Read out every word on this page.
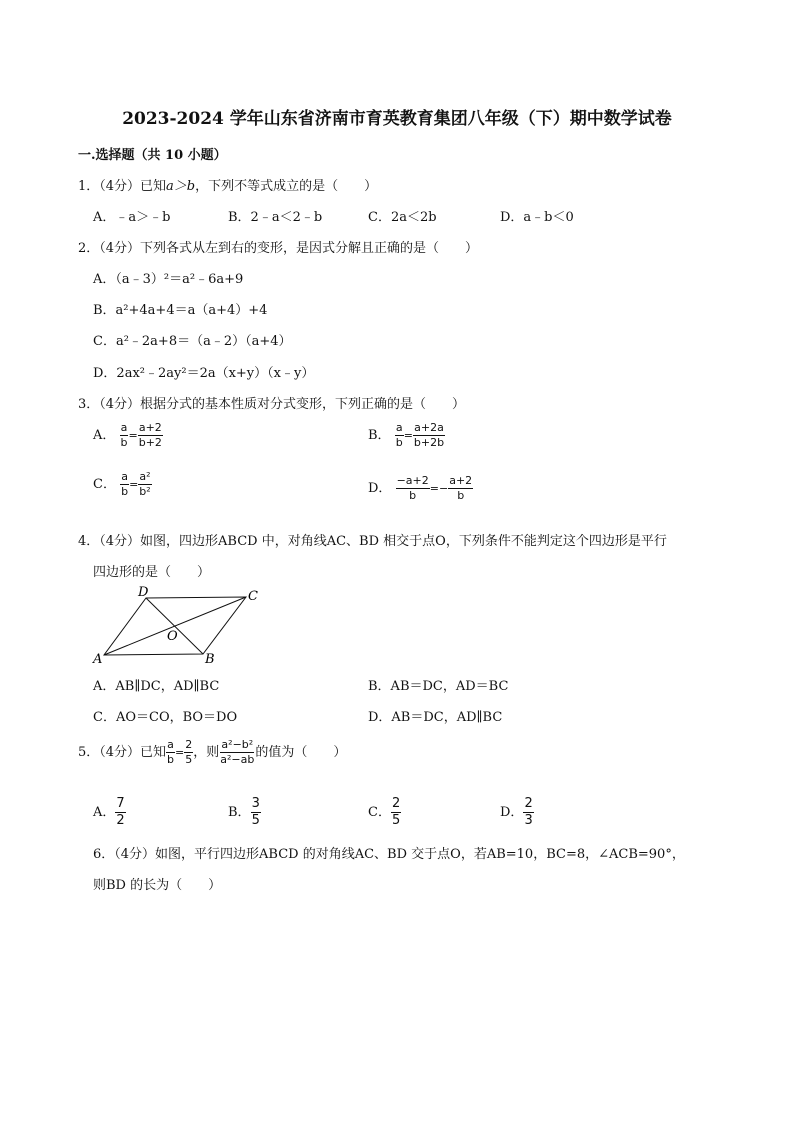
2023-2024 学年山东省济南市育英教育集团八年级（下）期中数学试卷
一.选择题（共 10 小题）
1．（4分）已知a＞b，下列不等式成立的是（　　）
A．﹣a＞﹣b	B．2﹣a＜2﹣b	C．2a＜2b	D．a﹣b＜0
2．（4分）下列各式从左到右的变形，是因式分解且正确的是（　　）
A．（a﹣3）²＝a²﹣6a+9
B．a²+4a+4＝a（a+4）+4
C．a²﹣2a+8＝（a﹣2）（a+4）
D．2ax²﹣2ay²＝2a（x+y）（x﹣y）
3．（4分）根据分式的基本性质对分式变形，下列正确的是（　　）
A． $\frac{a}{b} = \frac{a+2}{b+2}$	B． $\frac{a}{b} = \frac{a+2a}{b+2b}$
C． $\frac{a}{b} = \frac{\text{a²}}{\text{b²}}$	D． $\frac{-a+2}{b} =- \frac{a+2}{b}$
4．（4分）如图，四边形ABCD 中，对角线AC、BD 相交于点O，下列条件不能判定这个四边形是平行
四边形的是（　　）
A	B
C
D
O
A．AB∥DC，AD∥BC	B．AB＝DC，AD＝BC
C．AO＝CO，BO＝DO	D．AB＝DC，AD∥BC
5．（4分）已知 $\frac{a}{b} = \frac{2}{5}$ ，则 $\frac{\text{a²−b²}}{\text{a²−ab}}$ 的值为（　　）
A． $\frac{7}{2}$	B． $\frac{3}{5}$	C． $\frac{2}{5}$	D． $\frac{2}{3}$
6．（4分）如图，平行四边形ABCD 的对角线AC、BD 交于点O，若AB=10，BC=8，∠ACB=90°，
则BD 的长为（　　）
